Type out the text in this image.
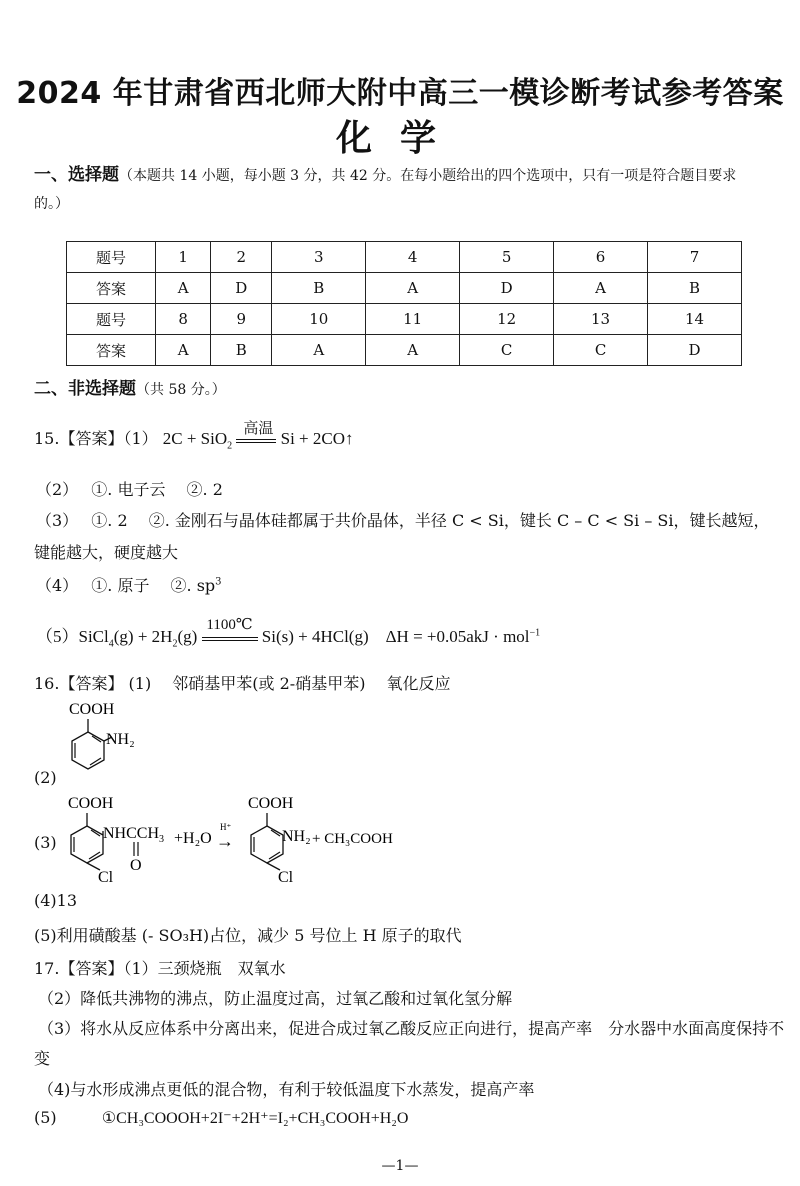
2024 年甘肃省西北师大附中高三一模诊断考试参考答案
化学
一、选择题（本题共 14 小题，每小题 3 分，共 42 分。在每小题给出的四个选项中，只有一项是符合题目要求
的。）
题号	1	2	3	4	5	6	7
答案	A	D	B	A	D	A	B
题号	8	9	10	11	12	13	14
答案	A	B	A	A	C	C	D
二、非选择题（共 58 分。）
15.【答案】（1） 2C + SiO$_2$
高温
Si + 2CO↑
（2）　 ①. 电子云　 ②. 2
（3）　 ①. 2　 ②. 金刚石与晶体硅都属于共价晶体，半径 C < Si，键长 C – C < Si – Si，键长越短，
键能越大，硬度越大
（4）　 ①. 原子　 ②. $sp^3$
（5）SiCl$_4$(g) + $2H_2(g)$
1100℃
Si(s) + 4HCl(g)　ΔH = +0.05akJ · mol$^{-1}$
16.【答案】 (1)　 邻硝基甲苯(或 2-硝基甲苯)　 氧化反应
COOH
NH₂
(2)
(3)
COOH
$NHCCH_3$
O
Cl
+H₂O
H⁺
→
COOH
NH₂ + CH₃COOH
Cl
(4)13
(5)利用磺酸基 (- SO₃H)占位，减少 5 号位上 H 原子的取代
17.【答案】（1）三颈烧瓶　双氧水
（2）降低共沸物的沸点，防止温度过高，过氧乙酸和过氧化氢分解
（3）将水从反应体系中分离出来，促进合成过氧乙酸反应正向进行，提高产率　分水器中水面高度保持不
变
（4)与水形成沸点更低的混合物，有利于较低温度下水蒸发，提高产率
(5)	①CH₃COOOH+2I⁻+2H⁺=I₂+CH₃COOH+H₂O
—1—
